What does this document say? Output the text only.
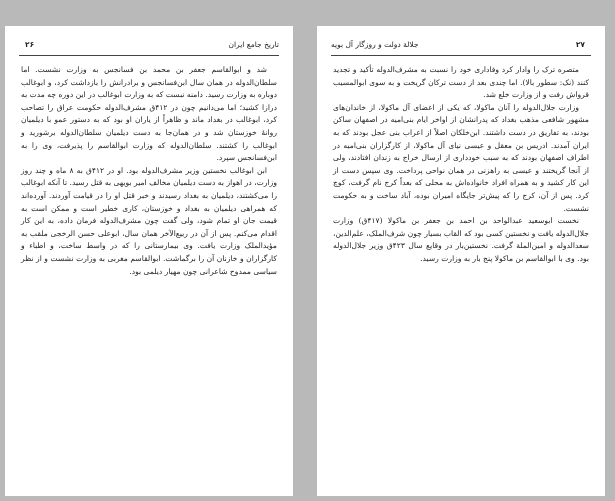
تاریخ جامع ایران
۲۶

شد و ابوالقاسم جعفر بن محمد بن فسانجس به وزارت نشست. اما سلطان‌الدوله در همان سال ابن‌فسانجس و برادرانش را بازداشت کرد، و ابوغالب دوباره به وزارت رسید. دامنه نبست که به وزارت ابوغالب در این دوره چه مدت به درازا کشید؛ اما می‌دانیم چون در ۴۱۲ق مشرف‌الدوله حکومت عراق را تصاحب کرد، ابوغالب در بغداد ماند و ظاهراً از یاران او بود که به دستور عمو با دیلمیان روانهٔ خوزستان شد و در همان‌جا به دست دیلمیان سلطان‌الدوله برشورید و ابوغالب را کشتند. سلطان‌الدوله که وزارت ابوالقاسم را پذیرفت، وی را به ابن‌فسانجس سپرد.

ابن ابوغالب نخستین وزیر مشرف‌الدوله بود. او در ۴۱۲ق به ۸ ماه و چند روز وزارت، در اهواز به دست دیلمیان مخالف امیر بویهی به قتل رسید. تا آنکه ابوغالب را می‌کشتند، دیلمیان به بغداد رسیدند و خبر قتل او را در قیامت آوردند. آورده‌اند که همراهی دیلمیان به بغداد و خوزستان، کاری خطیر است و ممکن است به قیمت جان او تمام شود، ولی گفت چون مشرف‌الدوله فرمان داده، به این کار اقدام می‌کنم. پس از آن در ربیع‌الآخر همان سال، ابوعلی حسن الرخجی ملقب به مؤیدالملک وزارت یافت. وی بیمارستانی را که در واسط ساخت، و اطباء و کارگزاران و خازنان آن را برگماشت. ابوالقاسم مغربی به وزارت نشست و از نظر سیاسی ممدوح شاعرانی چون مهیار دیلمی بود.

جلالة دولت و روزگار آل بویه	۲۷

متصره ترک را وادار کرد وفاداری خود را نسبت به مشرف‌الدوله تأکید و تجدید کنند (نک: سطور بالا). اما چندی بعد از دست ترکان گریخت و به سوی ابوالمسیب قرواش رفت و از وزارت خلع شد.

وزارت جلال‌الدوله را آنان ماکولا، که یکی از اعضای آل ماکولا، از خاندان‌های مشهور شافعی مذهب بغداد که پدرانشان از اواخر ایام بنی‌امیه در اصفهان ساکن بودند، به تفاریق در دست داشتند. ابن‌خلکان اصلاً از اعراب بنی عجل بودند که به ایران آمدند. ادریس بن معقل و عیسی نیای آل ماکولا، از کارگزاران بنی‌امیه در اطراف اصفهان بودند که به سبب خودداری از ارسال خراج به زندان افتادند، ولی از آنجا گریختند و عیسی به راهزنی در همان نواحی پرداخت. وی سپس دست از این کار کشید و به همراه افراد خانواده‌اش به محلی که بعداً کرج نام گرفت، کوچ کرد. پس از آن، کرج را که پیش‌تر جایگاه امیران بوده، آباد ساخت و به حکومت نشست.

نخست ابوسعید عبدالواحد بن احمد بن جعفر بن ماکولا (۴۱۷ق) وزارت جلال‌الدوله یافت و نخستین کسی بود که القاب بسیار چون شرف‌الملک، علم‌الدین، سعدالدوله و امین‌الملة گرفت. نخستین‌بار در وقایع سال ۴۲۳ق وزیر جلال‌الدوله بود. وی با ابوالقاسم بن ماکولا پنج بار به وزارت رسید.
